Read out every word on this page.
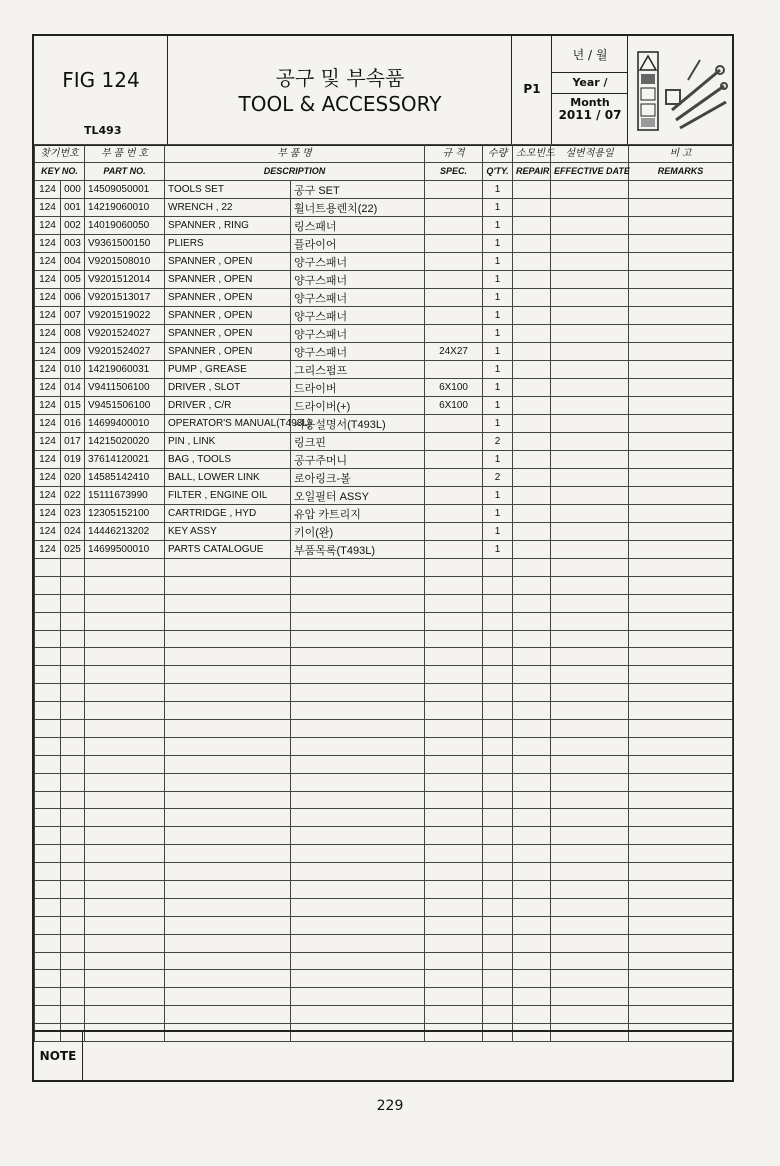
FIG 124
TL493
공구 및 부속품
TOOL & ACCESSORY
P1
년 / 월
Year / Month
2011 / 07
찾기번호		부 품 번 호	부 품 명		규 격	수량	소모빈도	설변적용일	비 고
KEY NO.		PART NO.	DESCRIPTION		SPEC.	Q'TY.	REPAIR	EFFECTIVE DATE	REMARKS
124	000	14509050001	TOOLS SET	공구 SET		1			
124	001	14219060010	WRENCH , 22	휠너트용렌치(22)		1			
124	002	14019060050	SPANNER , RING	링스패너		1			
124	003	V9361500150	PLIERS	플라이어		1			
124	004	V9201508010	SPANNER , OPEN	양구스패너		1			
124	005	V9201512014	SPANNER , OPEN	양구스패너		1			
124	006	V9201513017	SPANNER , OPEN	양구스패너		1			
124	007	V9201519022	SPANNER , OPEN	양구스패너		1			
124	008	V9201524027	SPANNER , OPEN	양구스패너		1			
124	009	V9201524027	SPANNER , OPEN	양구스패너	24X27	1			
124	010	14219060031	PUMP , GREASE	그리스펌프		1			
124	014	V9411506100	DRIVER , SLOT	드라이버	6X100	1			
124	015	V9451506100	DRIVER , C/R	드라이버(+)	6X100	1			
124	016	14699400010	OPERATOR'S MANUAL(T493L)	시용설명서(T493L)		1			
124	017	14215020020	PIN , LINK	링크핀		2			
124	019	37614120021	BAG , TOOLS	공구주머니		1			
124	020	14585142410	BALL, LOWER LINK	로아링크-볼		2			
124	022	15111673990	FILTER , ENGINE OIL	오일필터 ASSY		1			
124	023	12305152100	CARTRIDGE , HYD	유압 카트리지		1			
124	024	14446213202	KEY ASSY	키이(완)		1			
124	025	14699500010	PARTS CATALOGUE	부품목록(T493L)		1			

NOTE
229
